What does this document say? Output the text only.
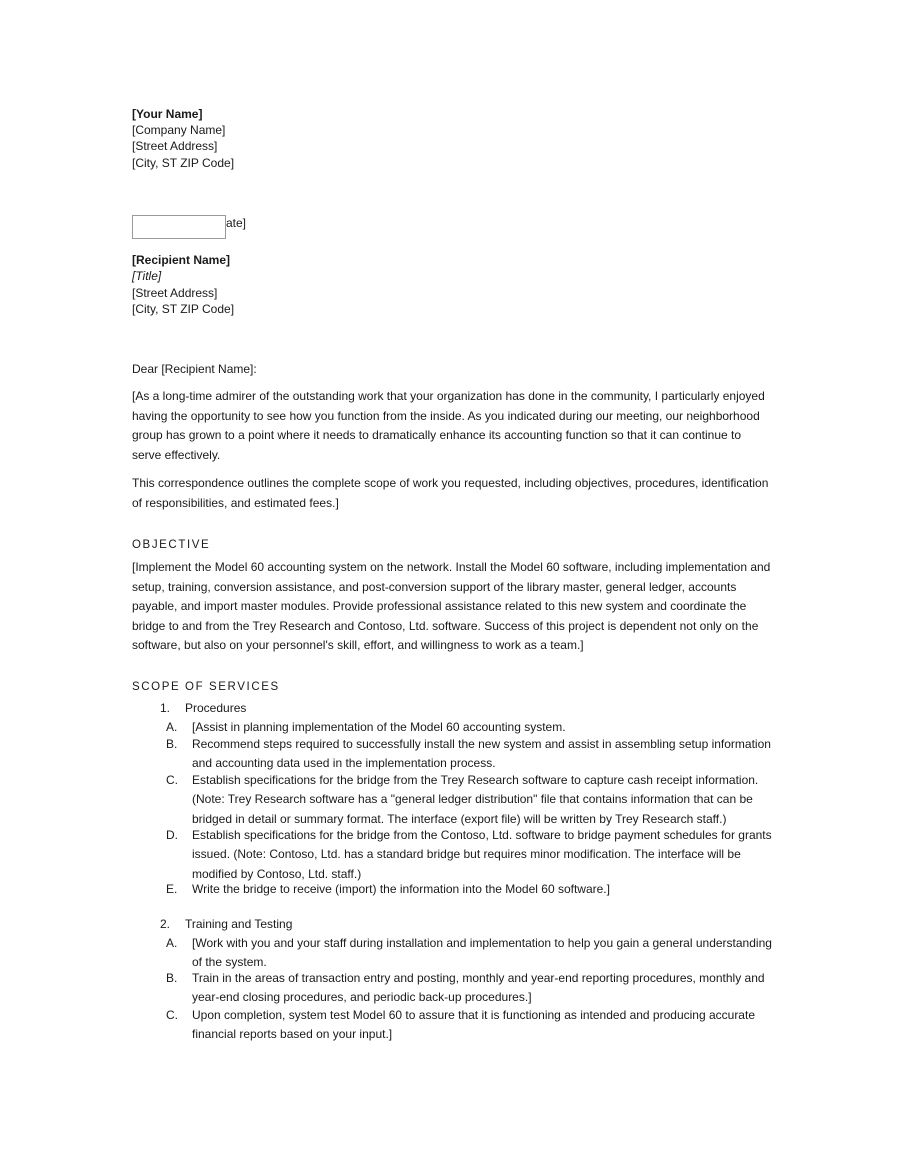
[Your Name]
[Company Name]
[Street Address]
[City, ST ZIP Code]
ate]
[Recipient Name]
[Title]
[Street Address]
[City, ST ZIP Code]
Dear [Recipient Name]:
[As a long-time admirer of the outstanding work that your organization has done in the community, I particularly enjoyed having the opportunity to see how you function from the inside. As you indicated during our meeting, our neighborhood group has grown to a point where it needs to dramatically enhance its accounting function so that it can continue to serve effectively.
This correspondence outlines the complete scope of work you requested, including objectives, procedures, identification of responsibilities, and estimated fees.]
OBJECTIVE
[Implement the Model 60 accounting system on the network. Install the Model 60 software, including implementation and setup, training, conversion assistance, and post-conversion support of the library master, general ledger, accounts payable, and import master modules. Provide professional assistance related to this new system and coordinate the bridge to and from the Trey Research and Contoso, Ltd. software. Success of this project is dependent not only on the software, but also on your personnel's skill, effort, and willingness to work as a team.]
SCOPE OF SERVICES
1. Procedures
A.	[Assist in planning implementation of the Model 60 accounting system.
B.	Recommend steps required to successfully install the new system and assist in assembling setup information and accounting data used in the implementation process.
C.	Establish specifications for the bridge from the Trey Research software to capture cash receipt information. (Note: Trey Research software has a "general ledger distribution" file that contains information that can be bridged in detail or summary format. The interface (export file) will be written by Trey Research staff.)
D.	Establish specifications for the bridge from the Contoso, Ltd. software to bridge payment schedules for grants issued. (Note: Contoso, Ltd. has a standard bridge but requires minor modification. The interface will be modified by Contoso, Ltd. staff.)
E.	Write the bridge to receive (import) the information into the Model 60 software.]
2. Training and Testing
A.	[Work with you and your staff during installation and implementation to help you gain a general understanding of the system.
B.	Train in the areas of transaction entry and posting, monthly and year-end reporting procedures, monthly and year-end closing procedures, and periodic back-up procedures.]
C.	Upon completion, system test Model 60 to assure that it is functioning as intended and producing accurate financial reports based on your input.]
